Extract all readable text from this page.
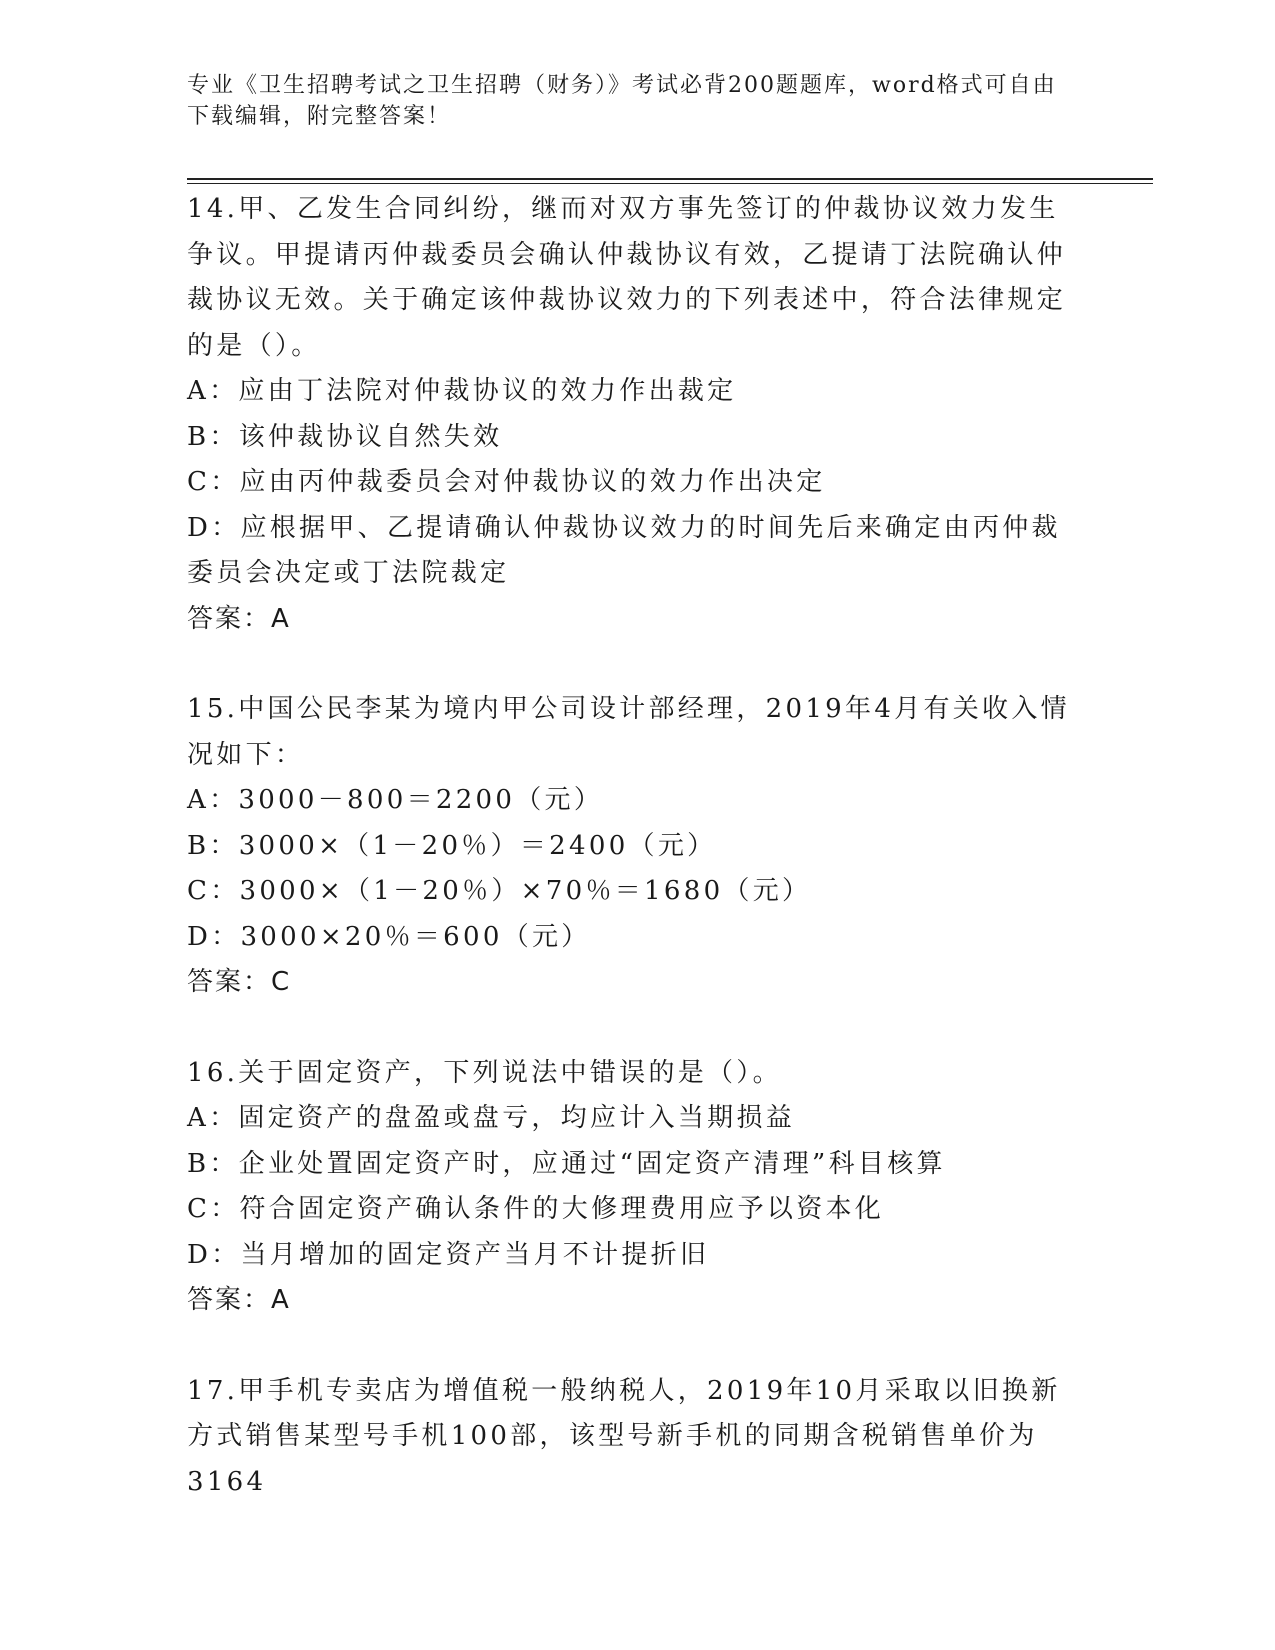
专业《卫生招聘考试之卫生招聘（财务）》考试必背200题题库，word格式可自由下载编辑，附完整答案！

14.甲、乙发生合同纠纷，继而对双方事先签订的仲裁协议效力发生争议。甲提请丙仲裁委员会确认仲裁协议有效，乙提请丁法院确认仲裁协议无效。关于确定该仲裁协议效力的下列表述中，符合法律规定的是（）。

A：应由丁法院对仲裁协议的效力作出裁定

B：该仲裁协议自然失效

C：应由丙仲裁委员会对仲裁协议的效力作出决定

D：应根据甲、乙提请确认仲裁协议效力的时间先后来确定由丙仲裁委员会决定或丁法院裁定

答案：A

15.中国公民李某为境内甲公司设计部经理，2019年4月有关收入情况如下：

A：3000－800＝2200（元）

B：3000×（1－20％）＝2400（元）

C：3000×（1－20％）×70％＝1680（元）

D：3000×20％＝600（元）

答案：C

16.关于固定资产，下列说法中错误的是（）。

A：固定资产的盘盈或盘亏，均应计入当期损益

B：企业处置固定资产时，应通过“固定资产清理”科目核算

C：符合固定资产确认条件的大修理费用应予以资本化

D：当月增加的固定资产当月不计提折旧

答案：A

17.甲手机专卖店为增值税一般纳税人，2019年10月采取以旧换新方式销售某型号手机100部，该型号新手机的同期含税销售单价为3164
